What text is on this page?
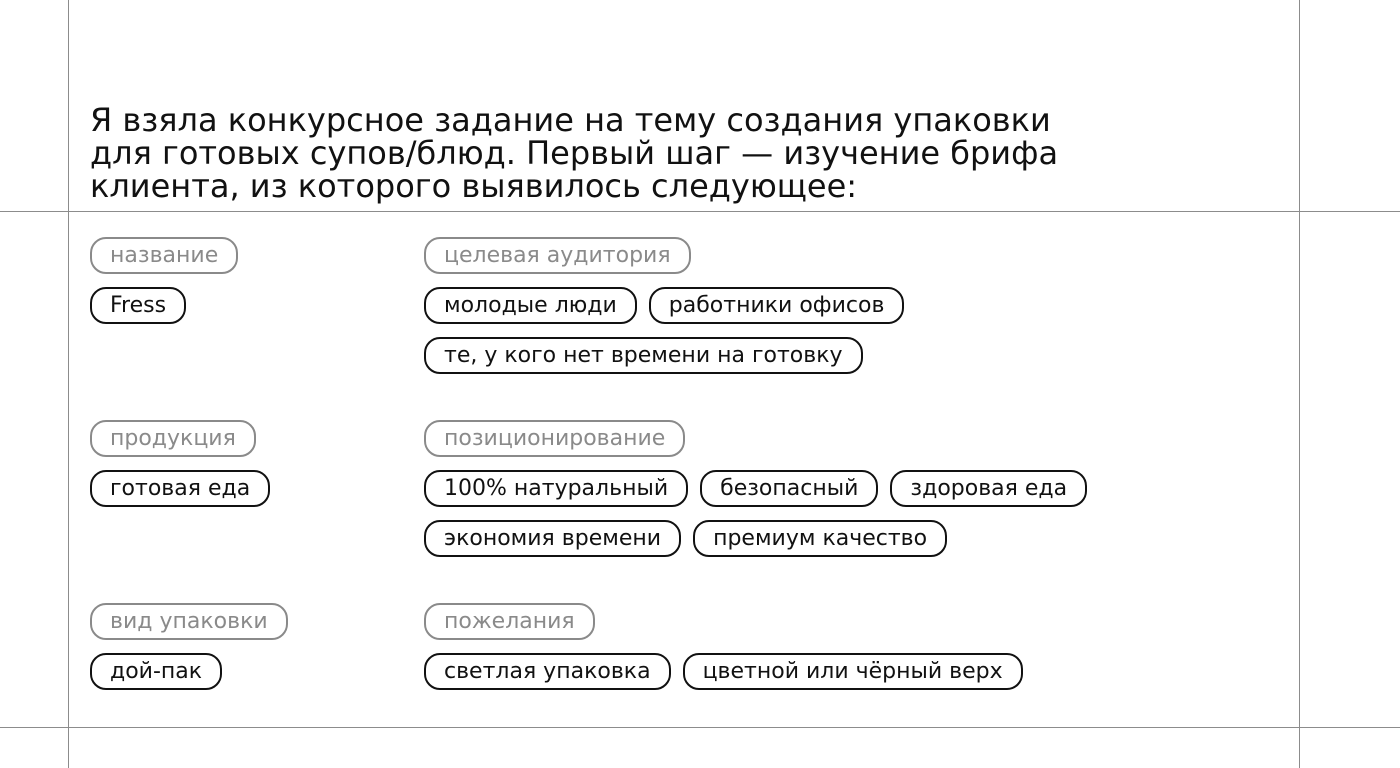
Я взяла конкурсное задание на тему создания упаковки
для готовых супов/блюд. Первый шаг — изучение брифа
клиента, из которого выявилось следующее:

название
Fress
целевая аудитория
молодые люди	работники офисов
те, у кого нет времени на готовку
продукция
готовая еда
позиционирование
100% натуральный	безопасный	здоровая еда
экономия времени	премиум качество
вид упаковки
дой-пак
пожелания
светлая упаковка	цветной или чёрный верх
